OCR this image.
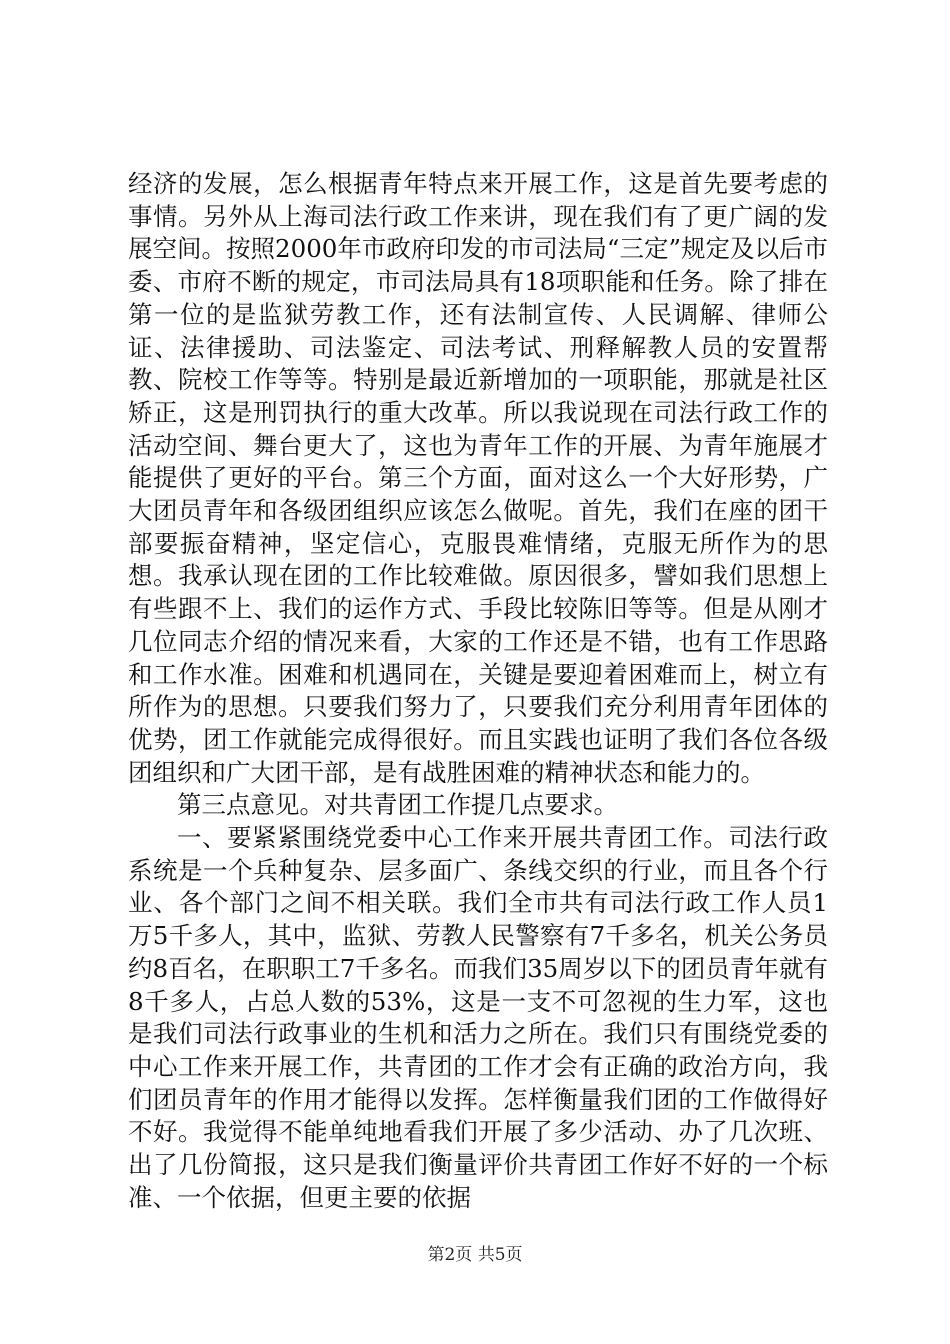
经济的发展，怎么根据青年特点来开展工作，这是首先要考虑的事情。另外从上海司法行政工作来讲，现在我们有了更广阔的发展空间。按照2000年市政府印发的市司法局“三定”规定及以后市委、市府不断的规定，市司法局具有18项职能和任务。除了排在第一位的是监狱劳教工作，还有法制宣传、人民调解、律师公证、法律援助、司法鉴定、司法考试、刑释解教人员的安置帮教、院校工作等等。特别是最近新增加的一项职能，那就是社区矫正，这是刑罚执行的重大改革。所以我说现在司法行政工作的活动空间、舞台更大了，这也为青年工作的开展、为青年施展才能提供了更好的平台。第三个方面，面对这么一个大好形势，广大团员青年和各级团组织应该怎么做呢。首先，我们在座的团干部要振奋精神，坚定信心，克服畏难情绪，克服无所作为的思想。我承认现在团的工作比较难做。原因很多，譬如我们思想上有些跟不上、我们的运作方式、手段比较陈旧等等。但是从刚才几位同志介绍的情况来看，大家的工作还是不错，也有工作思路和工作水准。困难和机遇同在，关键是要迎着困难而上，树立有所作为的思想。只要我们努力了，只要我们充分利用青年团体的优势，团工作就能完成得很好。而且实践也证明了我们各位各级团组织和广大团干部，是有战胜困难的精神状态和能力的。

第三点意见。对共青团工作提几点要求。

一、要紧紧围绕党委中心工作来开展共青团工作。司法行政系统是一个兵种复杂、层多面广、条线交织的行业，而且各个行业、各个部门之间不相关联。我们全市共有司法行政工作人员1万5千多人，其中，监狱、劳教人民警察有7千多名，机关公务员约8百名，在职职工7千多名。而我们35周岁以下的团员青年就有8千多人，占总人数的53%，这是一支不可忽视的生力军，这也是我们司法行政事业的生机和活力之所在。我们只有围绕党委的中心工作来开展工作，共青团的工作才会有正确的政治方向，我们团员青年的作用才能得以发挥。怎样衡量我们团的工作做得好不好。我觉得不能单纯地看我们开展了多少活动、办了几次班、出了几份简报，这只是我们衡量评价共青团工作好不好的一个标准、一个依据，但更主要的依据

第2页 共5页
